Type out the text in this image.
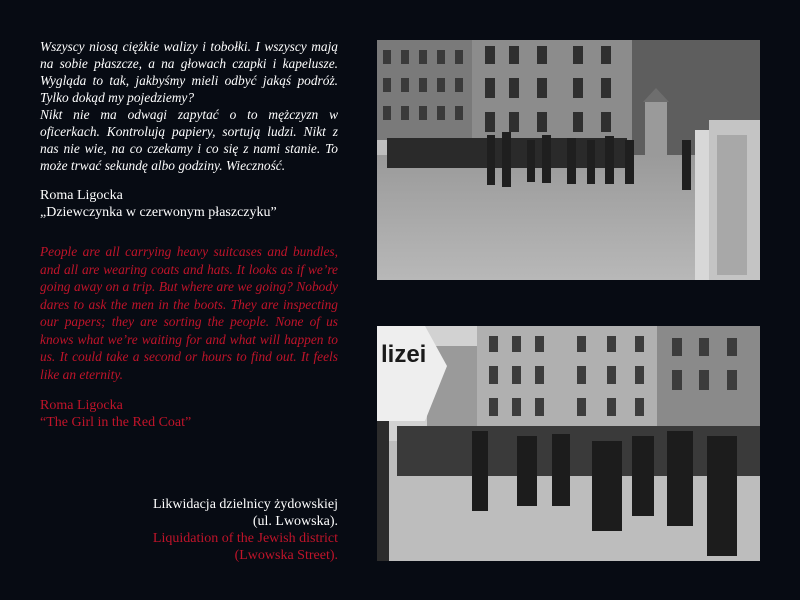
Wszyscy niosą ciężkie walizy i tobołki. I wszyscy mają na sobie płaszcze, a na głowach czapki i kapelusze. Wygląda to tak, jakbyśmy mieli odbyć jakąś podróż. Tylko dokąd my pojedziemy?

Nikt nie ma odwagi zapytać o to mężczyzn w oficerkach. Kontrolują papiery, sortują ludzi. Nikt z nas nie wie, na co czekamy i co się z nami stanie. To może trwać sekundę albo godziny. Wieczność.

Roma Ligocka

„Dziewczynka w czerwonym płaszczyku”

People are all carrying heavy suitcases and bundles, and all are wearing coats and hats. It looks as if we’re going away on a trip. But where are we going? Nobody dares to ask the men in the boots. They are inspecting our papers; they are sorting the people. None of us knows what we’re waiting for and what will happen to us. It could take a second or hours to find out. It feels like an eternity.

Roma Ligocka

“The Girl in the Red Coat”

Likwidacja dzielnicy żydowskiej

(ul. Lwowska).

Liquidation of the Jewish district

(Lwowska Street).

lizei
